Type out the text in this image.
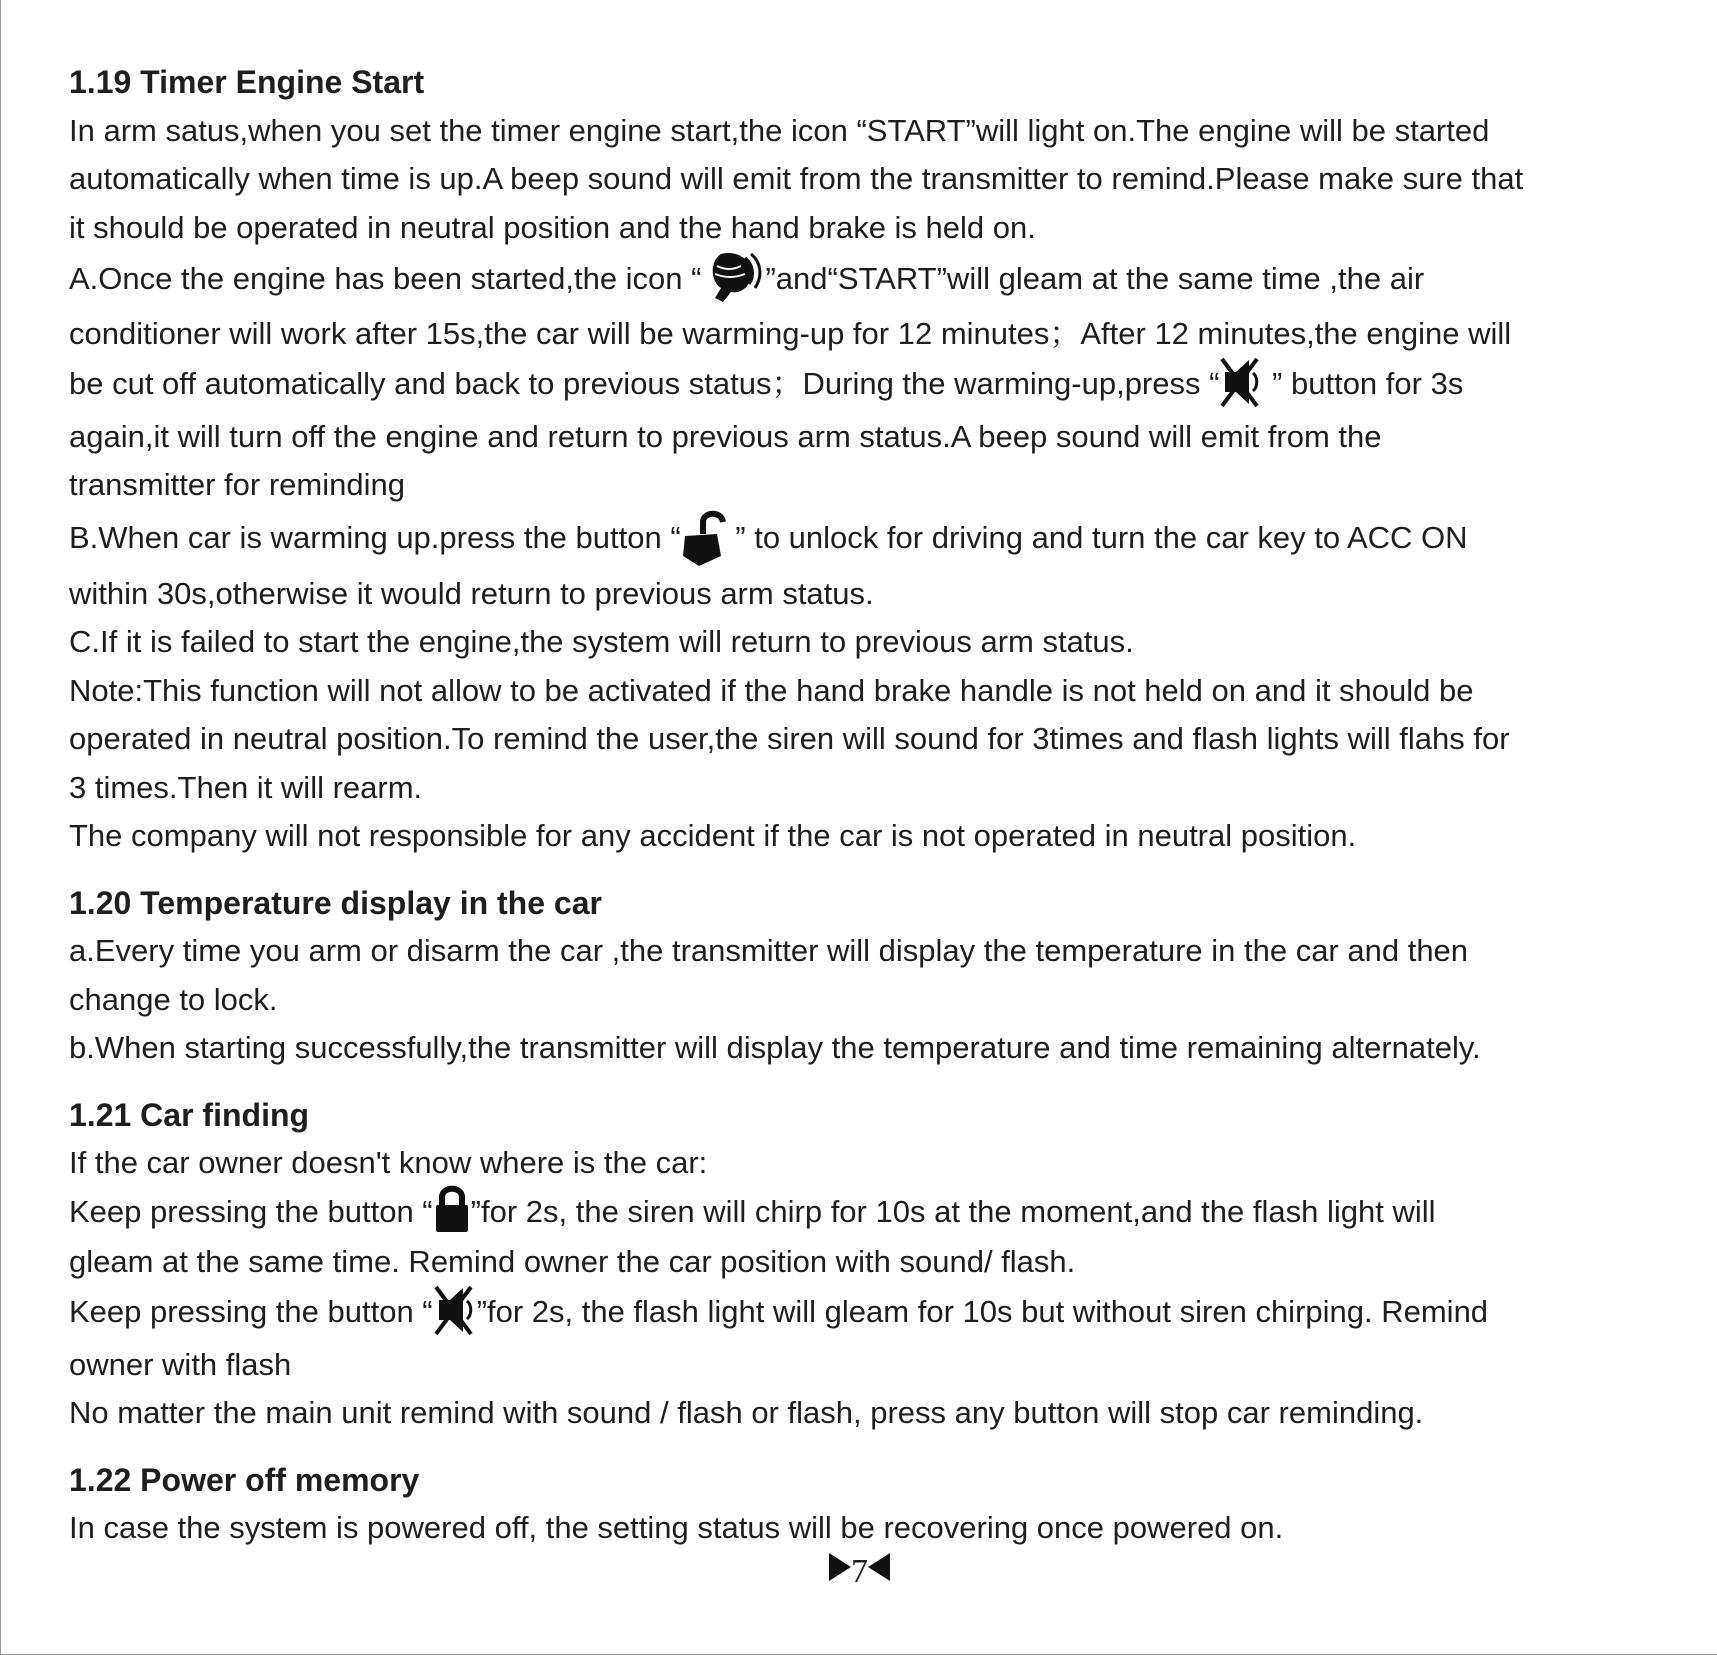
1.19 Timer Engine Start

In arm satus,when you set the timer engine start,the icon “START”will light on.The engine will be started

automatically when time is up.A beep sound will emit from the transmitter to remind.Please make sure that

it should be operated in neutral position and the hand brake is held on.

A.Once the engine has been started,the icon “ ”and“START”will gleam at the same time ,the air

conditioner will work after 15s,the car will be warming-up for 12 minutes；After 12 minutes,the engine will

be cut off automatically and back to previous status；During the warming-up,press “
” button for 3s

again,it will turn off the engine and return to previous arm status.A beep sound will emit from the

transmitter for reminding

B.When car is warming up.press the button “
” to unlock for driving and turn the car key to ACC ON

within 30s,otherwise it would return to previous arm status.

C.If it is failed to start the engine,the system will return to previous arm status.

Note:This function will not allow to be activated if the hand brake handle is not held on and it should be

operated in neutral position.To remind the user,the siren will sound for 3times and flash lights will flahs for

3 times.Then it will rearm.

The company will not responsible for any accident if the car is not operated in neutral position.

1.20 Temperature display in the car

a.Every time you arm or disarm the car ,the transmitter will display the temperature in the car and then

change to lock.

b.When starting successfully,the transmitter will display the temperature and time remaining alternately.

1.21 Car finding

If the car owner doesn't know where is the car:

Keep pressing the button “ ”for 2s, the siren will chirp for 10s at the moment,and the flash light will

gleam at the same time. Remind owner the car position with sound/ flash.

Keep pressing the button “ ”for 2s, the flash light will gleam for 10s but without siren chirping. Remind

owner with flash

No matter the main unit remind with sound / flash or flash, press any button will stop car reminding.

1.22 Power off memory

In case the system is powered off, the setting status will be recovering once powered on.

7
